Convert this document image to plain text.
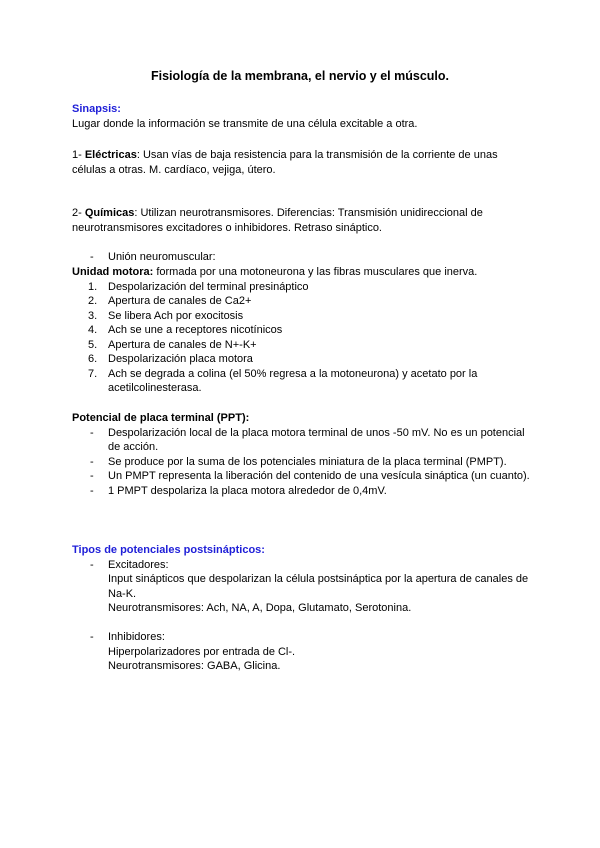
Fisiología de la membrana, el nervio y el músculo.
Sinapsis:
Lugar donde la información se transmite de una célula excitable a otra.
1- Eléctricas: Usan vías de baja resistencia para la transmisión de la corriente de unas células a otras. M. cardíaco, vejiga, útero.
2- Químicas: Utilizan neurotransmisores. Diferencias: Transmisión unidireccional de neurotransmisores excitadores o inhibidores. Retraso sináptico.
- Unión neuromuscular:
Unidad motora: formada por una motoneurona y las fibras musculares que inerva.
1. Despolarización del terminal presináptico
2. Apertura de canales de Ca2+
3. Se libera Ach por exocitosis
4. Ach se une a receptores nicotínicos
5. Apertura de canales de N+-K+
6. Despolarización placa motora
7. Ach se degrada a colina (el 50% regresa a la motoneurona) y acetato por la acetilcolinesterasa.
Potencial de placa terminal (PPT):
- Despolarización local de la placa motora terminal de unos -50 mV. No es un potencial de acción.
- Se produce por la suma de los potenciales miniatura de la placa terminal (PMPT).
- Un PMPT representa la liberación del contenido de una vesícula sináptica (un cuanto).
- 1 PMPT despolariza la placa motora alrededor de 0,4mV.
Tipos de potenciales postsinápticos:
- Excitadores:
Input sinápticos que despolarizan la célula postsináptica por la apertura de canales de Na-K.
Neurotransmisores: Ach, NA, A, Dopa, Glutamato, Serotonina.
- Inhibidores:
Hiperpolarizadores por entrada de Cl-.
Neurotransmisores: GABA, Glicina.
